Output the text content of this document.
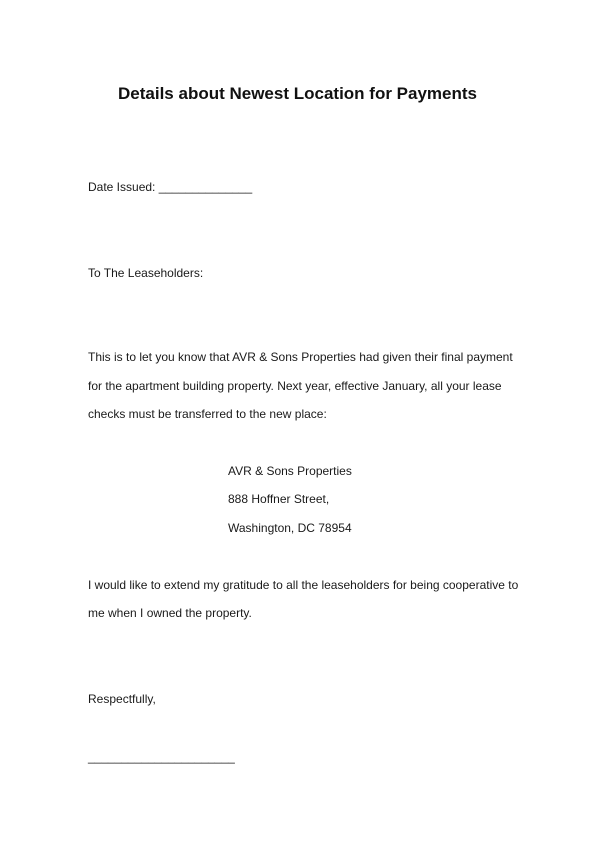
Details about Newest Location for Payments
Date Issued: ______________
To The Leaseholders:
This is to let you know that AVR & Sons Properties had given their final payment
for the apartment building property. Next year, effective January, all your lease
checks must be transferred to the new place:
AVR & Sons Properties
888 Hoffner Street,
Washington, DC 78954
I would like to extend my gratitude to all the leaseholders for being cooperative to
me when I owned the property.
Respectfully,
______________________
